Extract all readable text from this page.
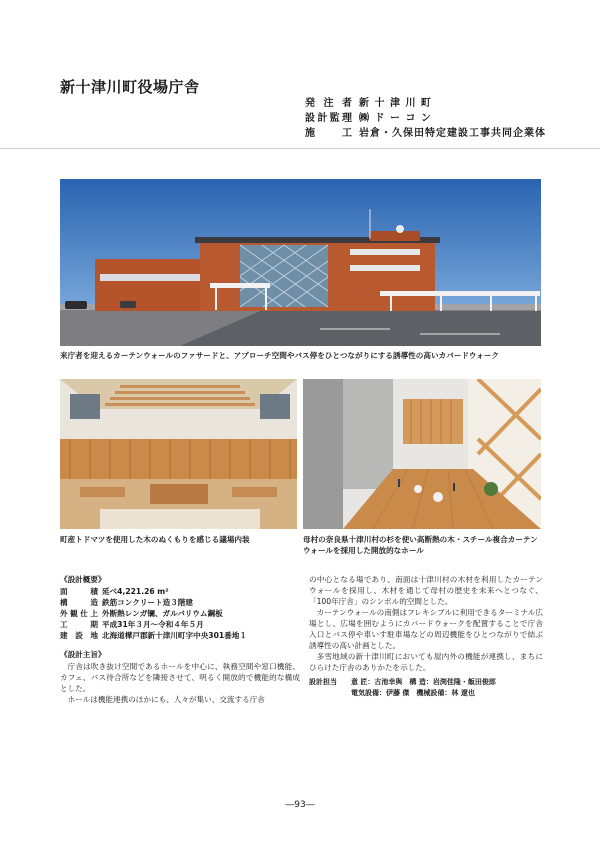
新十津川町役場庁舎
発注者 新 十 津 川 町
設計監理 ㈱ ド ー コ ン
施 工 岩倉・久保田特定建設工事共同企業体
来庁者を迎えるカーテンウォールのファサードと、アプローチ空間やバス停をひとつながりにする誘導性の高いカバードウォーク
町産トドマツを使用した木のぬくもりを感じる議場内装	母村の奈良県十津川村の杉を使い高断熱の木・スチール複合カーテンウォールを採用した開放的なホール
《設計概要》
面積 延べ4,221.26 m²
構造 鉄筋コンクリート造３階建
外観仕上 外断熱レンガ镧、ガルバリウム鋼板
工期 平成31年３月～令和４年５月
建設地 北海道樺戸郡新十津川町字中央301番地１
《設計主旨》

庁舎は吹き抜け空間であるホールを中心に、執務空間や窓口機能、カフェ、バス待合所などを隣接させて、明るく開放的で機能的な構成とした。

ホールは機能連携のほかにも、人々が集い、交流する庁舎

の中心となる場であり、南面は十津川村の木材を利用したカーテンウォールを採用し、木材を通じて母村の歴史を未来へとつなぐ、「100年庁舎」のシンボル的空間とした。

カーテンウォールの南側はフレキシブルに利用できるターミナル広場とし、広場を囲むようにカバードウォークを配置することで庁舎入口とバス停や車いす駐車場などの周辺機能をひとつながりで結ぶ誘導性の高い計画とした。

多雪地域の新十津川町においても屋内外の機能が連携し、まちにひらけた庁舎のありかたを示した。

設計担当	意 匠：古池幸與　構 造：岩渕佳隆・飯田俊郎
電気設備：伊藤 傑　機械設備：林 遼也
―93―
